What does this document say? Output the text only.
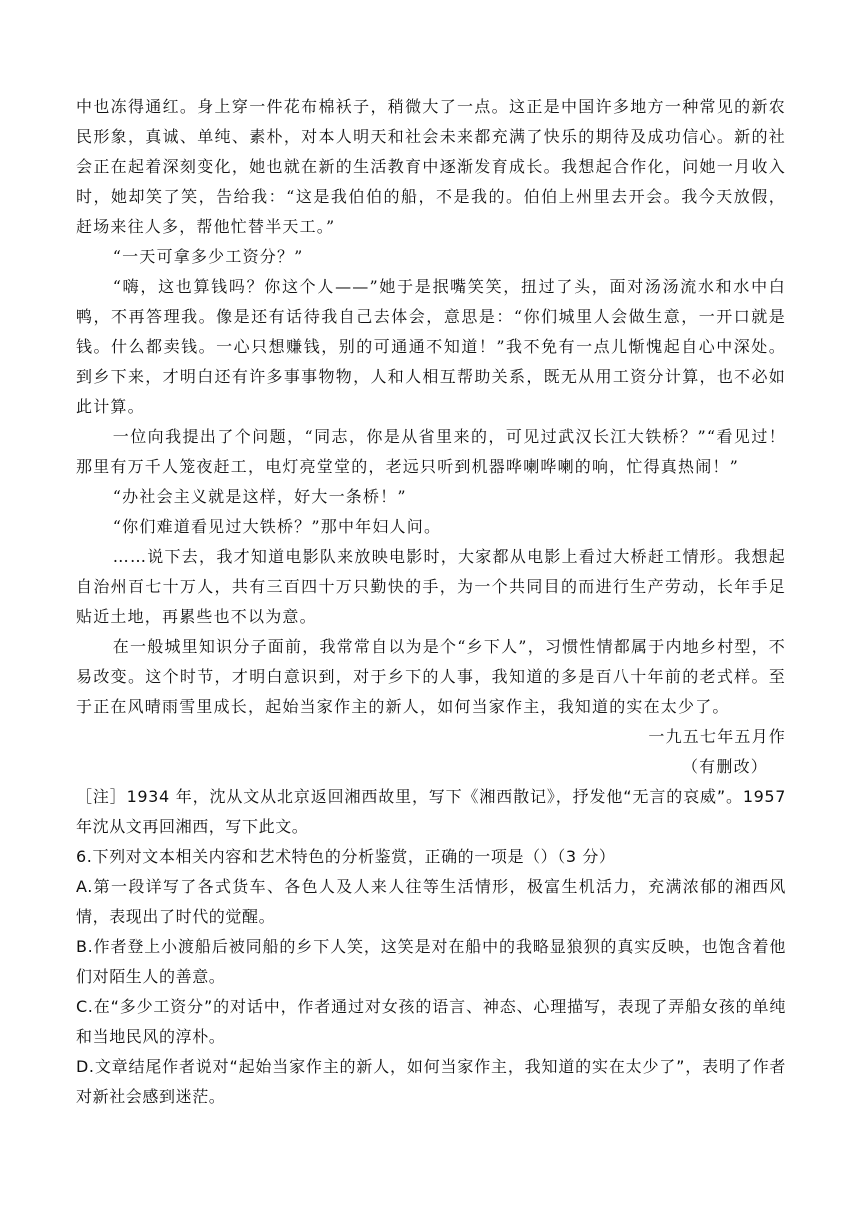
中也冻得通红。身上穿一件花布棉袄子，稍微大了一点。这正是中国许多地方一种常见的新农民形象，真诚、单纯、素朴，对本人明天和社会未来都充满了快乐的期待及成功信心。新的社会正在起着深刻变化，她也就在新的生活教育中逐渐发育成长。我想起合作化，问她一月收入时，她却笑了笑，告给我：“这是我伯伯的船，不是我的。伯伯上州里去开会。我今天放假，赶场来往人多，帮他忙替半天工。”

“一天可拿多少工资分？”

“嗨，这也算钱吗？你这个人——”她于是抿嘴笑笑，扭过了头，面对汤汤流水和水中白鸭，不再答理我。像是还有话待我自己去体会，意思是：“你们城里人会做生意，一开口就是钱。什么都卖钱。一心只想赚钱，别的可通通不知道！”我不免有一点儿惭愧起自心中深处。到乡下来，才明白还有许多事事物物，人和人相互帮助关系，既无从用工资分计算，也不必如此计算。

一位向我提出了个问题，“同志，你是从省里来的，可见过武汉长江大铁桥？”“看见过！那里有万千人笼夜赶工，电灯亮堂堂的，老远只听到机器哗喇哗喇的响，忙得真热闹！”

“办社会主义就是这样，好大一条桥！”

“你们难道看见过大铁桥？”那中年妇人问。

……说下去，我才知道电影队来放映电影时，大家都从电影上看过大桥赶工情形。我想起自治州百七十万人，共有三百四十万只勤快的手，为一个共同目的而进行生产劳动，长年手足贴近土地，再累些也不以为意。

在一般城里知识分子面前，我常常自以为是个“乡下人”，习惯性情都属于内地乡村型，不易改变。这个时节，才明白意识到，对于乡下的人事，我知道的多是百八十年前的老式样。至于正在风晴雨雪里成长，起始当家作主的新人，如何当家作主，我知道的实在太少了。

一九五七年五月作

（有删改）

［注］1934 年，沈从文从北京返回湘西故里，写下《湘西散记》，抒发他“无言的哀威”。1957 年沈从文再回湘西，写下此文。

6.下列对文本相关内容和艺术特色的分析鉴赏，正确的一项是（）（3 分）

A.第一段详写了各式货车、各色人及人来人往等生活情形，极富生机活力，充满浓郁的湘西风情，表现出了时代的觉醒。

B.作者登上小渡船后被同船的乡下人笑，这笑是对在船中的我略显狼狈的真实反映，也饱含着他们对陌生人的善意。

C.在“多少工资分”的对话中，作者通过对女孩的语言、神态、心理描写，表现了弄船女孩的单纯和当地民风的淳朴。

D.文章结尾作者说对“起始当家作主的新人，如何当家作主，我知道的实在太少了”，表明了作者对新社会感到迷茫。
